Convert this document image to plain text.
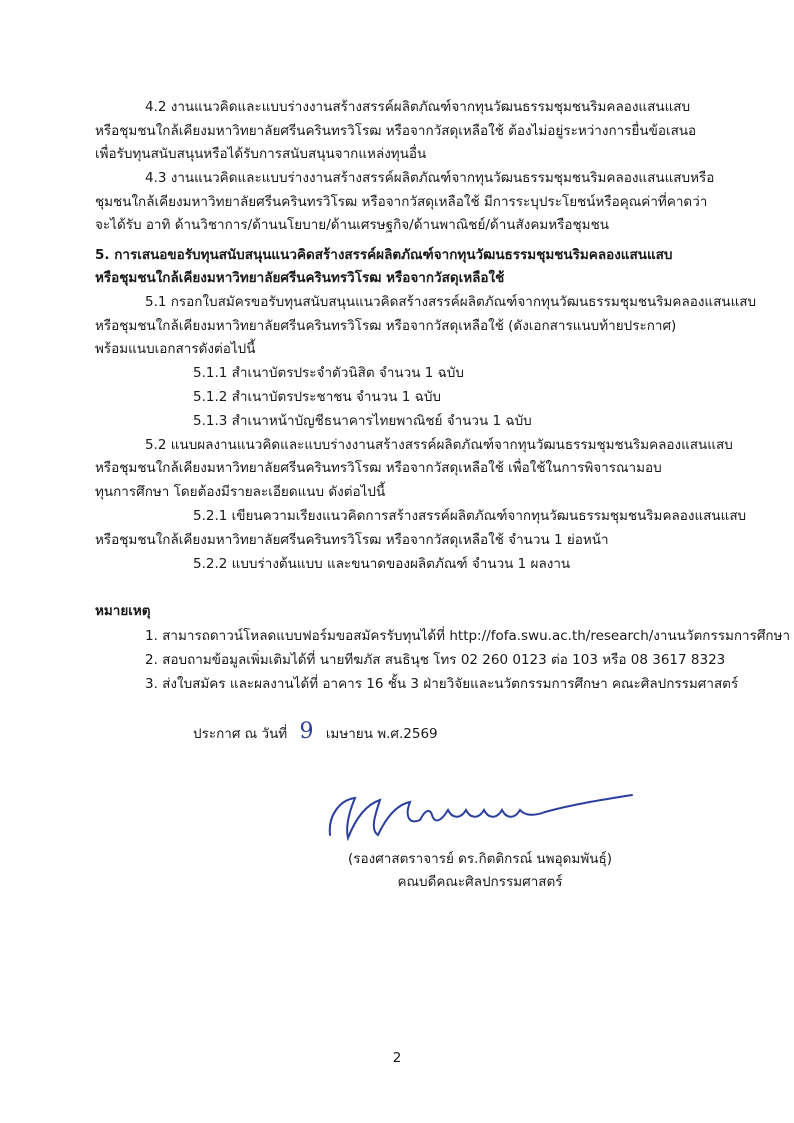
4.2 งานแนวคิดและแบบร่างงานสร้างสรรค์ผลิตภัณฑ์จากทุนวัฒนธรรมชุมชนริมคลองแสนแสบ
หรือชุมชนใกล้เคียงมหาวิทยาลัยศรีนครินทรวิโรฒ หรือจากวัสดุเหลือใช้ ต้องไม่อยู่ระหว่างการยื่นข้อเสนอ
เพื่อรับทุนสนับสนุนหรือได้รับการสนับสนุนจากแหล่งทุนอื่น
4.3 งานแนวคิดและแบบร่างงานสร้างสรรค์ผลิตภัณฑ์จากทุนวัฒนธรรมชุมชนริมคลองแสนแสบหรือ
ชุมชนใกล้เคียงมหาวิทยาลัยศรีนครินทรวิโรฒ หรือจากวัสดุเหลือใช้ มีการระบุประโยชน์หรือคุณค่าที่คาดว่า
จะได้รับ อาทิ ด้านวิชาการ/ด้านนโยบาย/ด้านเศรษฐกิจ/ด้านพาณิชย์/ด้านสังคมหรือชุมชน
5. การเสนอขอรับทุนสนับสนุนแนวคิดสร้างสรรค์ผลิตภัณฑ์จากทุนวัฒนธรรมชุมชนริมคลองแสนแสบ
หรือชุมชนใกล้เคียงมหาวิทยาลัยศรีนครินทรวิโรฒ หรือจากวัสดุเหลือใช้
5.1 กรอกใบสมัครขอรับทุนสนับสนุนแนวคิดสร้างสรรค์ผลิตภัณฑ์จากทุนวัฒนธรรมชุมชนริมคลองแสนแสบ
หรือชุมชนใกล้เคียงมหาวิทยาลัยศรีนครินทรวิโรฒ หรือจากวัสดุเหลือใช้ (ดังเอกสารแนบท้ายประกาศ)
พร้อมแนบเอกสารดังต่อไปนี้
5.1.1 สำเนาบัตรประจำตัวนิสิต จำนวน 1 ฉบับ
5.1.2 สำเนาบัตรประชาชน จำนวน 1 ฉบับ
5.1.3 สำเนาหน้าบัญชีธนาคารไทยพาณิชย์ จำนวน 1 ฉบับ
5.2 แนบผลงานแนวคิดและแบบร่างงานสร้างสรรค์ผลิตภัณฑ์จากทุนวัฒนธรรมชุมชนริมคลองแสนแสบ
หรือชุมชนใกล้เคียงมหาวิทยาลัยศรีนครินทรวิโรฒ หรือจากวัสดุเหลือใช้ เพื่อใช้ในการพิจารณามอบ
ทุนการศึกษา โดยต้องมีรายละเอียดแนบ ดังต่อไปนี้
5.2.1 เขียนความเรียงแนวคิดการสร้างสรรค์ผลิตภัณฑ์จากทุนวัฒนธรรมชุมชนริมคลองแสนแสบ
หรือชุมชนใกล้เคียงมหาวิทยาลัยศรีนครินทรวิโรฒ หรือจากวัสดุเหลือใช้ จำนวน 1 ย่อหน้า
5.2.2 แบบร่างต้นแบบ และขนาดของผลิตภัณฑ์ จำนวน 1 ผลงาน
หมายเหตุ
1. สามารถดาวน์โหลดแบบฟอร์มขอสมัครรับทุนได้ที่ http://fofa.swu.ac.th/research/งานนวัตกรรมการศึกษา
2. สอบถามข้อมูลเพิ่มเติมได้ที่ นายทีฆภัส สนธินุช โทร 02 260 0123 ต่อ 103 หรือ 08 3617 8323
3. ส่งใบสมัคร และผลงานได้ที่ อาคาร 16 ชั้น 3 ฝ่ายวิจัยและนวัตกรรมการศึกษา คณะศิลปกรรมศาสตร์
ประกาศ ณ วันที่ 9 เมษายน พ.ศ.2569
(รองศาสตราจารย์ ดร.กิตติกรณ์ นพอุดมพันธุ์)
คณบดีคณะศิลปกรรมศาสตร์
2
